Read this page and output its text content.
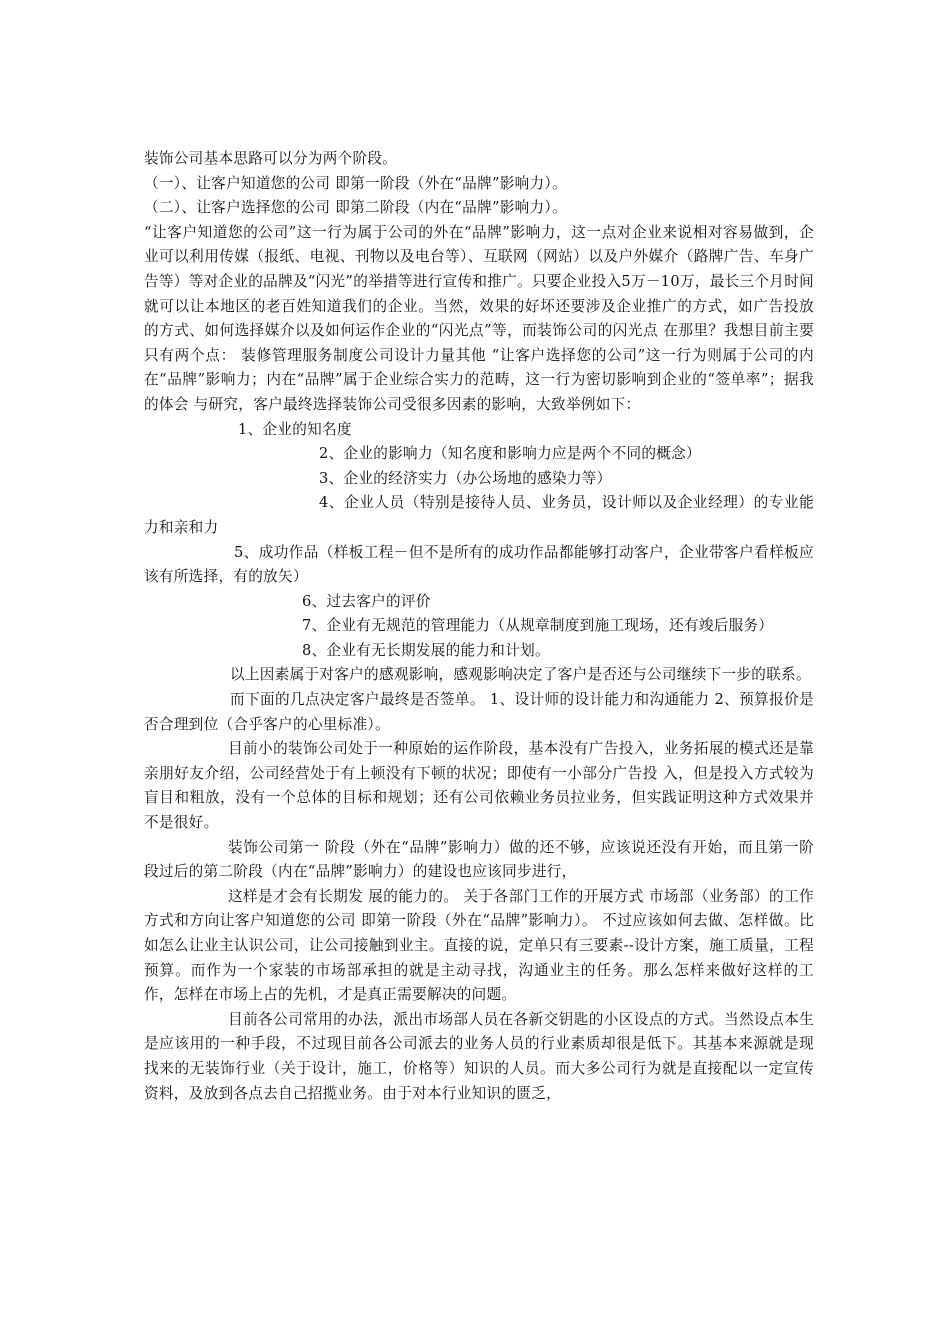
装饰公司基本思路可以分为两个阶段。

（一）、让客户知道您的公司 即第一阶段（外在“品牌”影响力）。

（二）、让客户选择您的公司 即第二阶段（内在“品牌”影响力）。

“让客户知道您的公司”这一行为属于公司的外在“品牌”影响力，这一点对企业来说相对容易做到，企业可以利用传媒（报纸、电视、刊物以及电台等）、互联网（网站）以及户外媒介（路牌广告、车身广告等）等对企业的品牌及“闪光”的举措等进行宣传和推广。只要企业投入5万－10万，最长三个月时间就可以让本地区的老百姓知道我们的企业。当然，效果的好坏还要涉及企业推广的方式，如广告投放的方式、如何选择媒介以及如何运作企业的“闪光点”等，而装饰公司的闪光点 在那里？我想目前主要只有两个点： 装修管理服务制度公司设计力量其他 “让客户选择您的公司”这一行为则属于公司的内在“品牌”影响力；内在“品牌”属于企业综合实力的范畴，这一行为密切影响到企业的“签单率”；据我的体会 与研究，客户最终选择装饰公司受很多因素的影响，大致举例如下：

1、企业的知名度

2、企业的影响力（知名度和影响力应是两个不同的概念）

3、企业的经济实力（办公场地的感染力等）

4、企业人员（特别是接待人员、业务员，设计师以及企业经理）的专业能力和亲和力

5、成功作品（样板工程－但不是所有的成功作品都能够打动客户，企业带客户看样板应该有所选择，有的放矢）

6、过去客户的评价

7、企业有无规范的管理能力（从规章制度到施工现场，还有竣后服务）

8、企业有无长期发展的能力和计划。

以上因素属于对客户的感观影响，感观影响决定了客户是否还与公司继续下一步的联系。

而下面的几点决定客户最终是否签单。 1、设计师的设计能力和沟通能力 2、预算报价是否合理到位（合乎客户的心里标准）。

目前小的装饰公司处于一种原始的运作阶段，基本没有广告投入，业务拓展的模式还是靠亲朋好友介绍，公司经营处于有上顿没有下顿的状况；即使有一小部分广告投 入，但是投入方式较为盲目和粗放，没有一个总体的目标和规划；还有公司依赖业务员拉业务，但实践证明这种方式效果并不是很好。

装饰公司第一 阶段（外在“品牌”影响力）做的还不够，应该说还没有开始，而且第一阶段过后的第二阶段（内在“品牌”影响力）的建设也应该同步进行，

这样是才会有长期发 展的能力的。 关于各部门工作的开展方式 市场部（业务部）的工作方式和方向让客户知道您的公司 即第一阶段（外在“品牌”影响力）。 不过应该如何去做、怎样做。比如怎么让业主认识公司，让公司接触到业主。直接的说，定单只有三要素--设计方案，施工质量，工程预算。而作为一个家装的市场部承担的就是主动寻找，沟通业主的任务。那么怎样来做好这样的工作，怎样在市场上占的先机，才是真正需要解决的问题。

目前各公司常用的办法，派出市场部人员在各新交钥匙的小区设点的方式。当然设点本生是应该用的一种手段，不过现目前各公司派去的业务人员的行业素质却很是低下。其基本来源就是现找来的无装饰行业（关于设计，施工，价格等）知识的人员。而大多公司行为就是直接配以一定宣传资料，及放到各点去自己招揽业务。由于对本行业知识的匮乏，
